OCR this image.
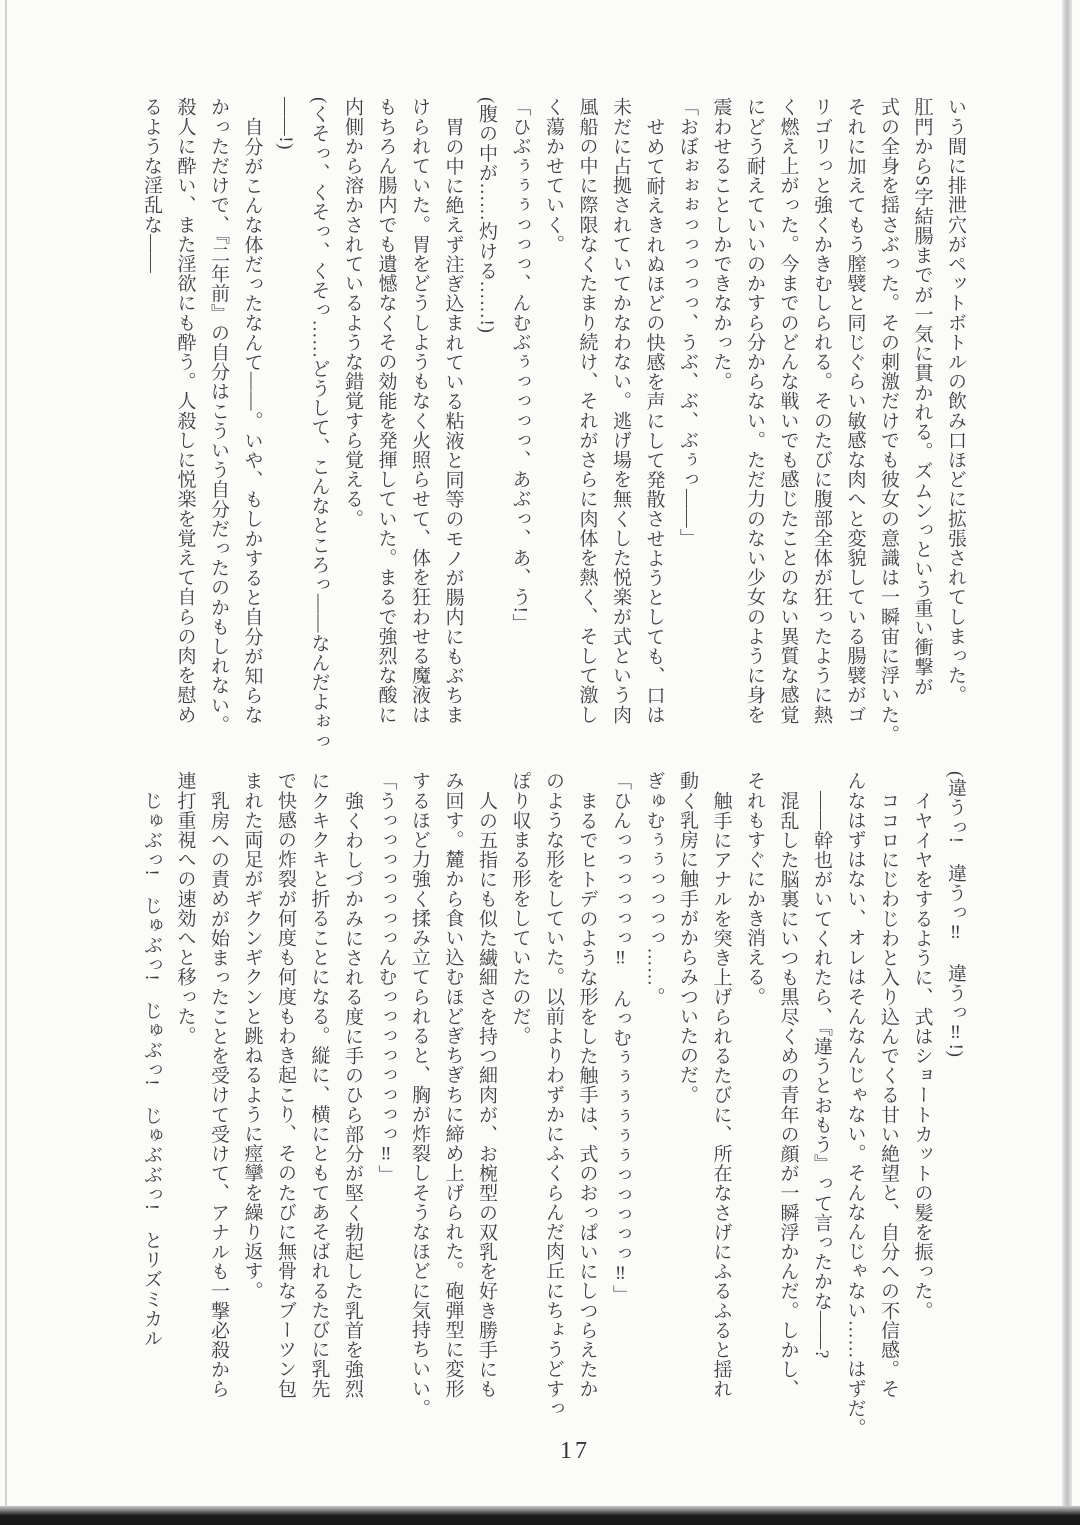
いう間に排泄穴がペットボトルの飲み口ほどに拡張されてしまった。

肛門からS字結腸までが一気に貫かれる。ズムンっという重い衝撃が

式の全身を揺さぶった。その刺激だけでも彼女の意識は一瞬宙に浮いた。

それに加えてもう膣襞と同じぐらい敏感な肉へと変貌している腸襞がゴ

リゴリっと強くかきむしられる。そのたびに腹部全体が狂ったように熱

く燃え上がった。今までのどんな戦いでも感じたことのない異質な感覚

にどう耐えていいのかすら分からない。ただ力のない少女のように身を

震わせることしかできなかった。

「おぼぉぉぉっっっっっ、うぶ、ぶ、ぶぅっ――」

せめて耐えきれぬほどの快感を声にして発散させようとしても、口は

未だに占拠されていてかなわない。逃げ場を無くした悦楽が式という肉

風船の中に際限なくたまり続け、それがさらに肉体を熱く、そして激し

く蕩かせていく。

「ひぶぅぅぅっっっ、んむぶぅっっっっ、あぶっ、あ、う!」

(腹の中が……灼ける……!)

胃の中に絶えず注ぎ込まれている粘液と同等のモノが腸内にもぶちま

けられていた。胃をどうしようもなく火照らせて、体を狂わせる魔液は

もちろん腸内でも遺憾なくその効能を発揮していた。まるで強烈な酸に

内側から溶かされているような錯覚すら覚える。

(くそっ、くそっ、くそっ……どうして、こんなところっ――なんだよぉっ

――!)

自分がこんな体だったなんて――。いや、もしかすると自分が知らな

かっただけで、『二年前』の自分はこういう自分だったのかもしれない。

殺人に酔い、また淫欲にも酔う。人殺しに悦楽を覚えて自らの肉を慰め

るような淫乱な――

(違うっ!　違うっ‼　違うっ‼!)

イヤイヤをするように、式はショートカットの髪を振った。

ココロにじわじわと入り込んでくる甘い絶望と、自分への不信感。そ

んなはずはない、オレはそんなんじゃない。そんなんじゃない……はずだ。

――幹也がいてくれたら、『違うとおもう』って言ったかな――?

混乱した脳裏にいつも黒尽くめの青年の顔が一瞬浮かんだ。しかし、

それもすぐにかき消える。

触手にアナルを突き上げられるたびに、所在なさげにふるふると揺れ

動く乳房に触手がからみついたのだ。

ぎゅむぅぅっっっっ……。

「ひんっっっっっっ‼　んっむぅぅぅぅぅぅっっっっっ‼」

まるでヒトデのような形をした触手は、式のおっぱいにしつらえたか

のような形をしていた。以前よりわずかにふくらんだ肉丘にちょうどすっ

ぽり収まる形をしていたのだ。

人の五指にも似た繊細さを持つ細肉が、お椀型の双乳を好き勝手にも

み回す。麓から食い込むほどぎちぎちに締め上げられた。砲弾型に変形

するほど力強く揉み立てられると、胸が炸裂しそうなほどに気持ちいい。

「うっっっっっっっんむっっっっっっっっ‼」

強くわしづかみにされる度に手のひら部分が堅く勃起した乳首を強烈

にクキクキと折ることになる。縦に、横にともてあそばれるたびに乳先

で快感の炸裂が何度も何度もわき起こり、そのたびに無骨なブーツン包

まれた両足がギクンギクンと跳ねるように痙攣を繰り返す。

乳房への責めが始まったことを受けて受けて、アナルも一撃必殺から

連打重視への速効へと移った。

じゅぶっ!　じゅぶっ!　じゅぶっ!　じゅぶぶっ!　とリズミカル

17
